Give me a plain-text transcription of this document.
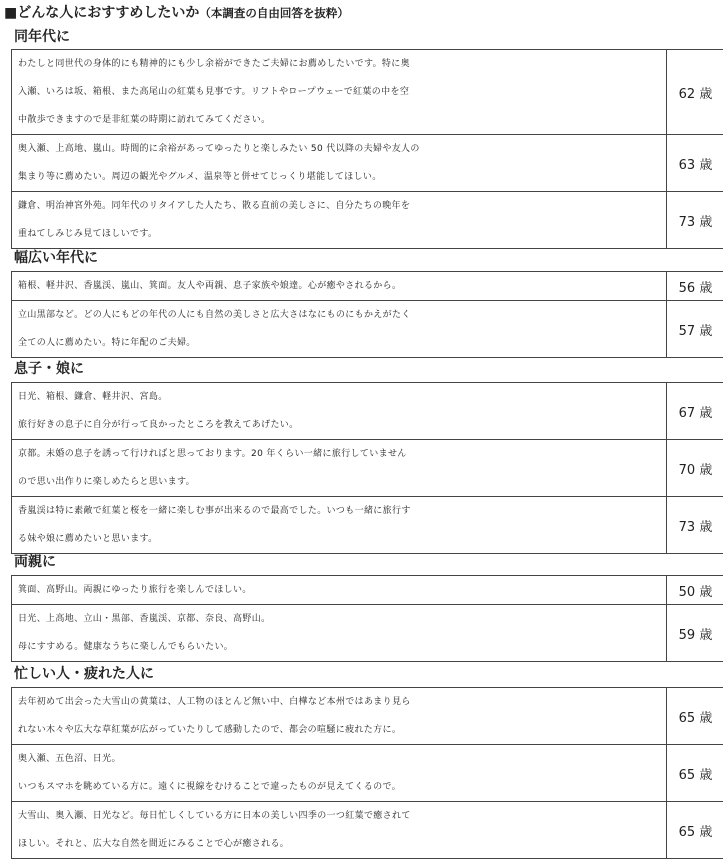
■どんな人におすすめしたいか（本調査の自由回答を抜粋）
同年代に
わたしと同世代の身体的にも精神的にも少し余裕ができたご夫婦にお薦めしたいです。特に奥
入瀬、いろは坂、箱根、また高尾山の紅葉も見事です。リフトやロープウェーで紅葉の中を空
中散歩できますので是非紅葉の時期に訪れてみてください。	62 歳

奥入瀬、上高地、嵐山。時間的に余裕があってゆったりと楽しみたい 50 代以降の夫婦や友人の
集まり等に薦めたい。周辺の観光やグルメ、温泉等と併せてじっくり堪能してほしい。	63 歳

鎌倉、明治神宮外苑。同年代のリタイアした人たち、散る直前の美しさに、自分たちの晩年を
重ねてしみじみ見てほしいです。	73 歳
幅広い年代に
箱根、軽井沢、香嵐渓、嵐山、箕面。友人や両親、息子家族や娘達。心が癒やされるから。	56 歳

立山黒部など。どの人にもどの年代の人にも自然の美しさと広大さはなにものにもかえがたく
全ての人に薦めたい。特に年配のご夫婦。	57 歳
息子・娘に
日光、箱根、鎌倉、軽井沢、宮島。
旅行好きの息子に自分が行って良かったところを教えてあげたい。	67 歳

京都。未婚の息子を誘って行ければと思っております。20 年くらい一緒に旅行していません
ので思い出作りに楽しめたらと思います。	70 歳

香嵐渓は特に素敵で紅葉と桜を一緒に楽しむ事が出来るので最高でした。いつも一緒に旅行す
る妹や娘に薦めたいと思います。	73 歳
両親に
箕面、高野山。両親にゆったり旅行を楽しんでほしい。	50 歳

日光、上高地、立山・黒部、香嵐渓、京都、奈良、高野山。
母にすすめる。健康なうちに楽しんでもらいたい。	59 歳
忙しい人・疲れた人に
去年初めて出会った大雪山の黄葉は、人工物のほとんど無い中、白樺など本州ではあまり見ら
れない木々や広大な草紅葉が広がっていたりして感動したので、都会の喧騒に疲れた方に。	65 歳

奥入瀬、五色沼、日光。
いつもスマホを眺めている方に。遠くに視線をむけることで違ったものが見えてくるので。	65 歳

大雪山、奥入瀬、日光など。毎日忙しくしている方に日本の美しい四季の一つ紅葉で癒されて
ほしい。それと、広大な自然を間近にみることで心が癒される。	65 歳
